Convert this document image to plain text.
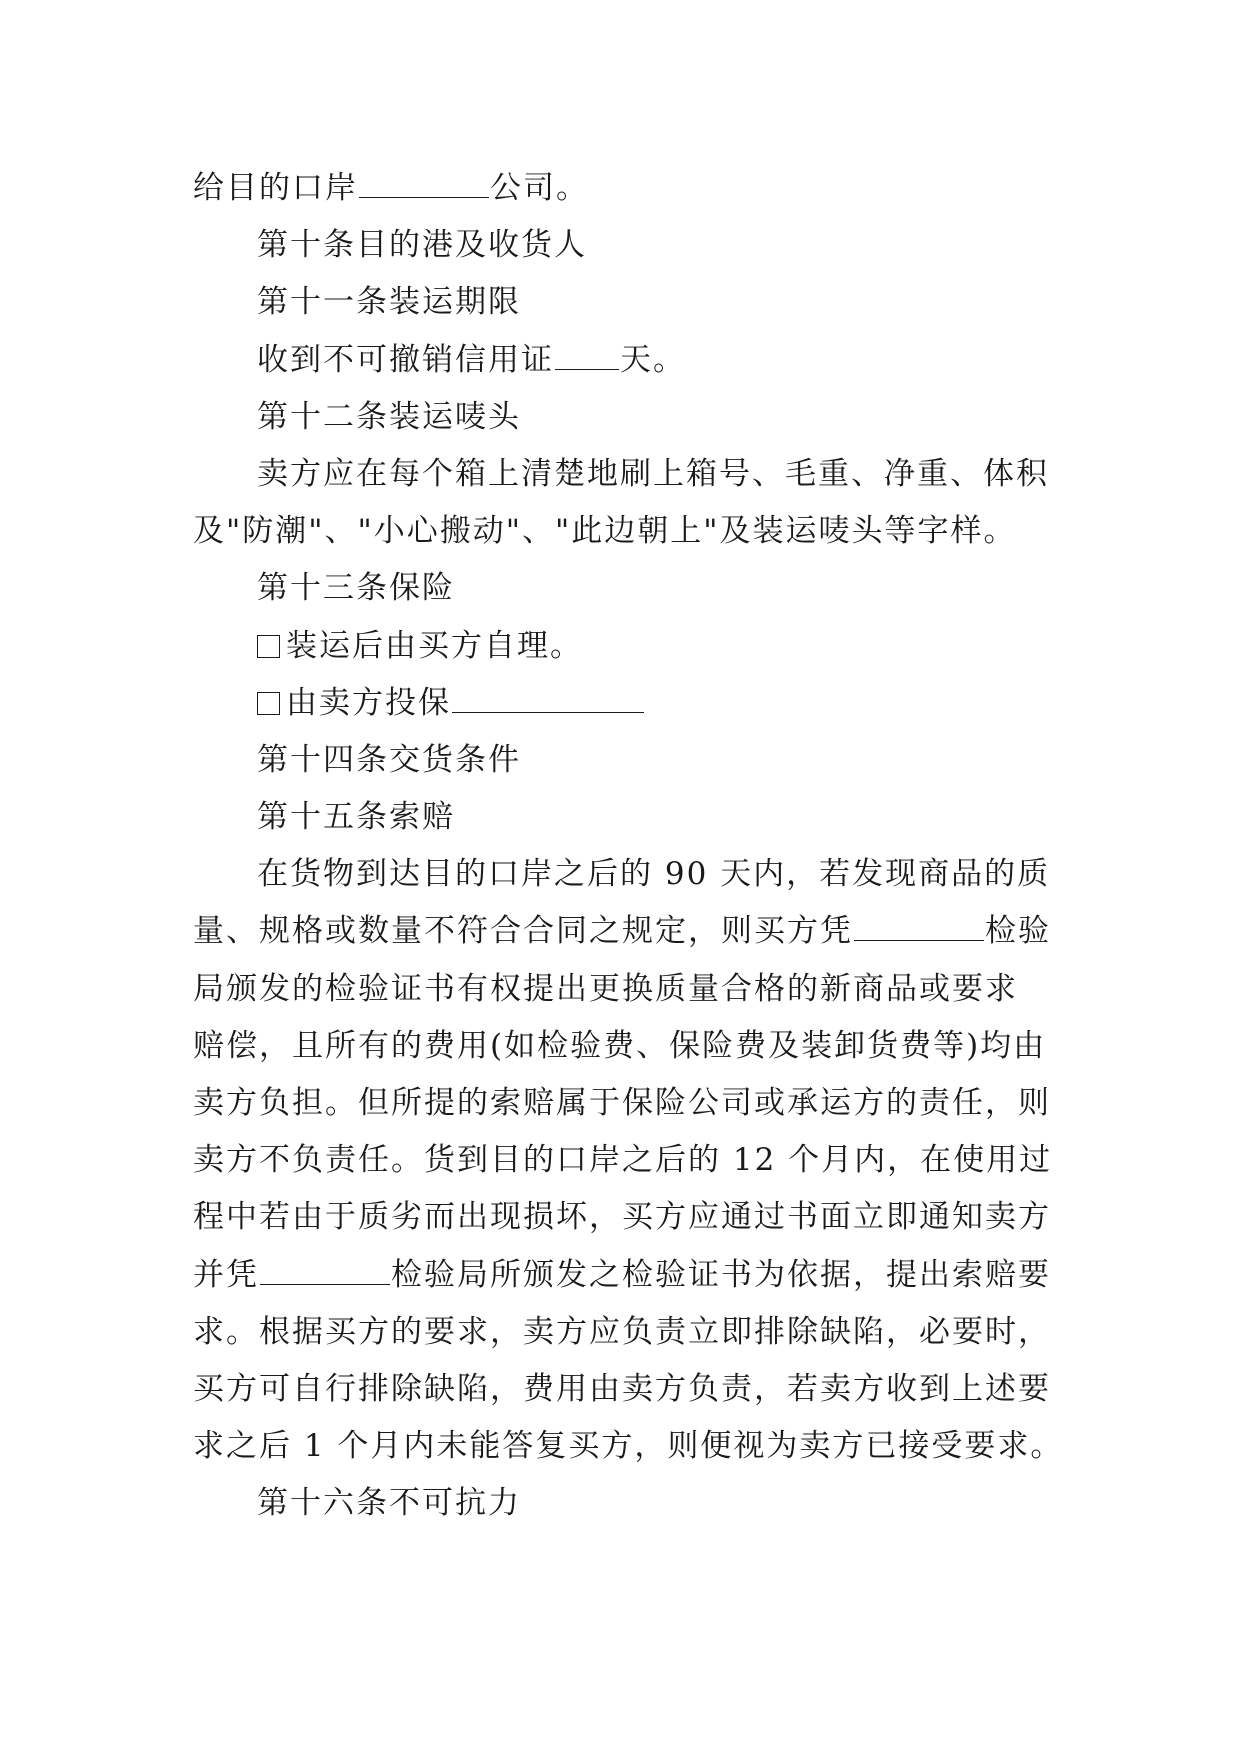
给目的口岸	公司。
第十条目的港及收货人
第十一条装运期限
收到不可撤销信用证 天。
第十二条装运唛头
卖方应在每个箱上清楚地刷上箱号、毛重、净重、体积
及"防潮"、"小心搬动"、"此边朝上"及装运唛头等字样。
第十三条保险
装运后由买方自理。
由卖方投保
第十四条交货条件
第十五条索赔
在货物到达目的口岸之后的 90 天内，若发现商品的质
量、规格或数量不符合合同之规定，则买方凭	检验
局颁发的检验证书有权提出更换质量合格的新商品或要求
赔偿，且所有的费用(如检验费、保险费及装卸货费等)均由
卖方负担。但所提的索赔属于保险公司或承运方的责任，则
卖方不负责任。货到目的口岸之后的 12 个月内，在使用过
程中若由于质劣而出现损坏，买方应通过书面立即通知卖方
并凭	检验局所颁发之检验证书为依据，提出索赔要
求。根据买方的要求，卖方应负责立即排除缺陷，必要时，
买方可自行排除缺陷，费用由卖方负责，若卖方收到上述要
求之后 1 个月内未能答复买方，则便视为卖方已接受要求。
第十六条不可抗力
